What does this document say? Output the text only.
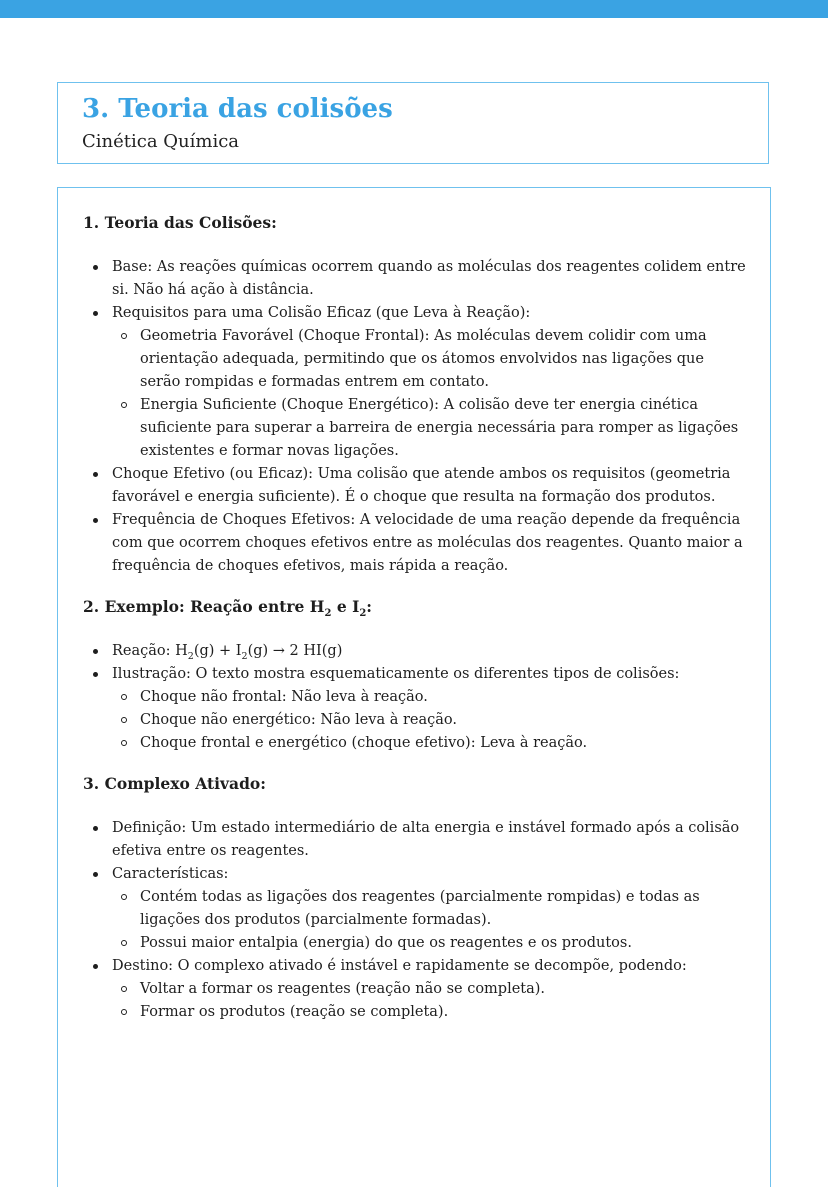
3. Teoria das colisões

Cinética Química

1. Teoria das Colisões:

Base: As reações químicas ocorrem quando as moléculas dos reagentes colidem entre si. Não há ação à distância.
Requisitos para uma Colisão Eficaz (que Leva à Reação):
Geometria Favorável (Choque Frontal): As moléculas devem colidir com uma orientação adequada, permitindo que os átomos envolvidos nas ligações que serão rompidas e formadas entrem em contato.
Energia Suficiente (Choque Energético): A colisão deve ter energia cinética suficiente para superar a barreira de energia necessária para romper as ligações existentes e formar novas ligações.
Choque Efetivo (ou Eficaz): Uma colisão que atende ambos os requisitos (geometria favorável e energia suficiente). É o choque que resulta na formação dos produtos.
Frequência de Choques Efetivos: A velocidade de uma reação depende da frequência com que ocorrem choques efetivos entre as moléculas dos reagentes. Quanto maior a frequência de choques efetivos, mais rápida a reação.

2. Exemplo: Reação entre $H_2$ e $I_2$:

Reação: $H_2(g) + I_2(g) \to 2$ HI(g)
Ilustração: O texto mostra esquematicamente os diferentes tipos de colisões:
Choque não frontal: Não leva à reação.
Choque não energético: Não leva à reação.
Choque frontal e energético (choque efetivo): Leva à reação.

3. Complexo Ativado:

Definição: Um estado intermediário de alta energia e instável formado após a colisão efetiva entre os reagentes.
Características:
Contém todas as ligações dos reagentes (parcialmente rompidas) e todas as ligações dos produtos (parcialmente formadas).
Possui maior entalpia (energia) do que os reagentes e os produtos.
Destino: O complexo ativado é instável e rapidamente se decompõe, podendo:
Voltar a formar os reagentes (reação não se completa).
Formar os produtos (reação se completa).
